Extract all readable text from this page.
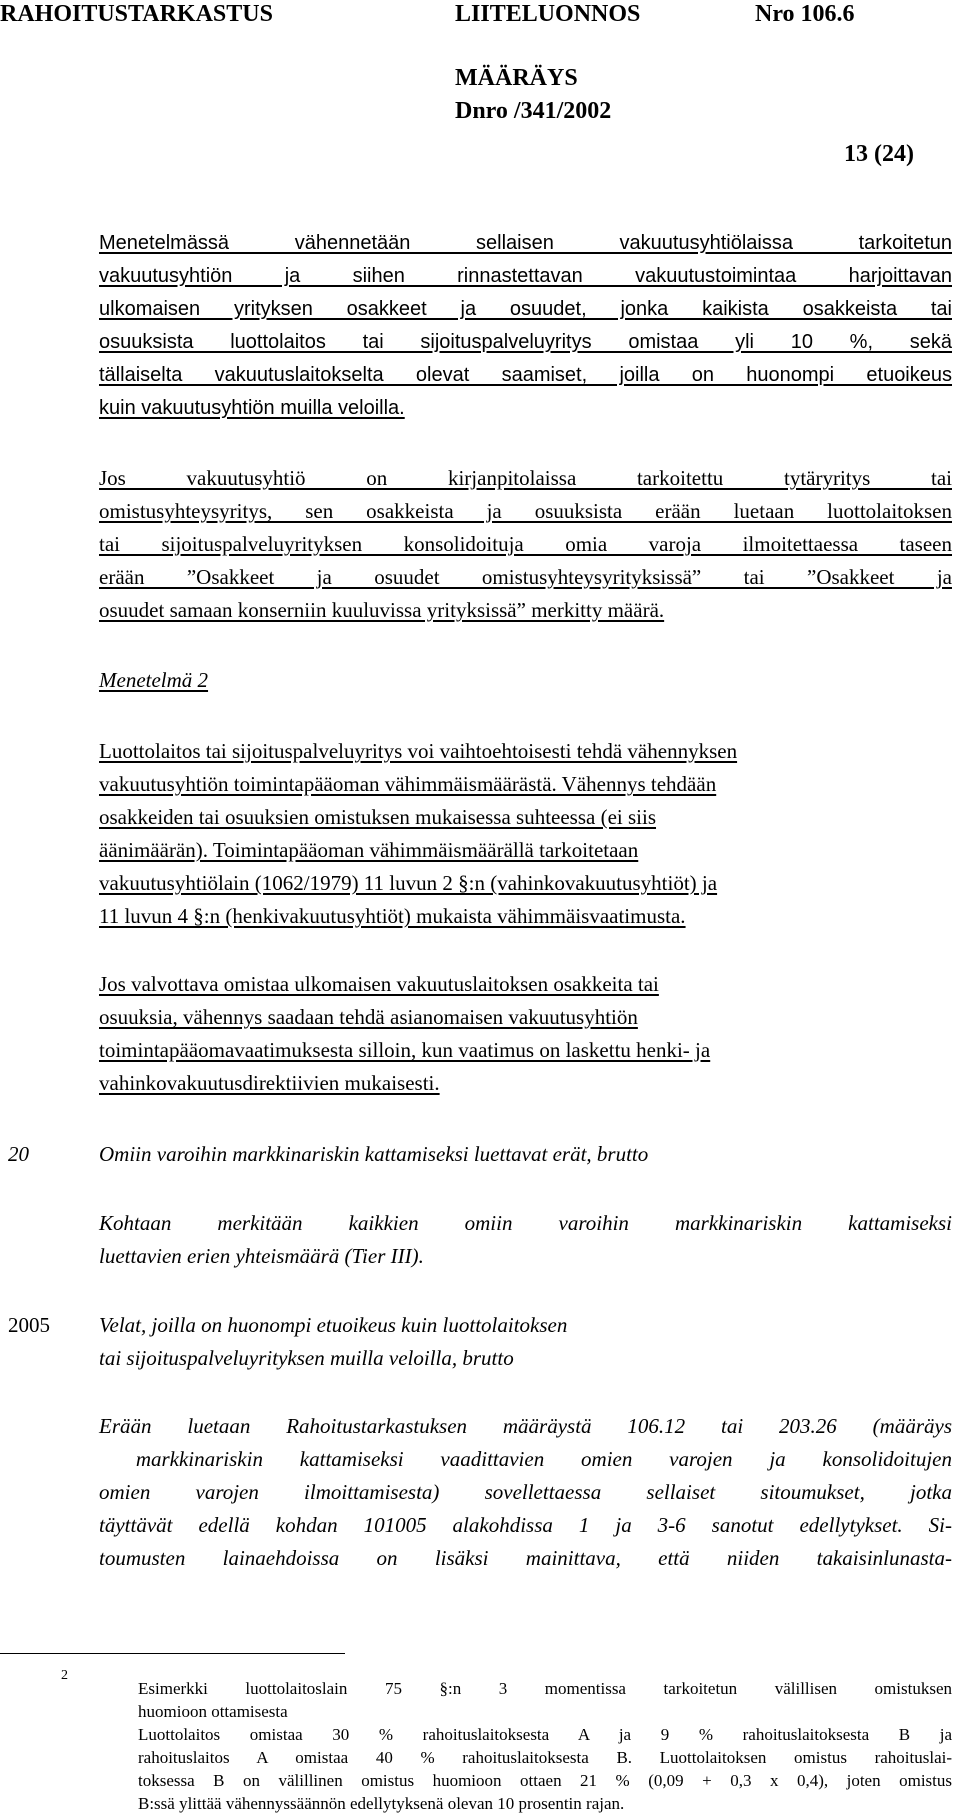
RAHOITUSTARKASTUS	LIITELUONNOS	Nro 106.6
MÄÄRÄYS
Dnro /341/2002
13 (24)
Menetelmässä vähennetään sellaisen vakuutusyhtiölaissa tarkoitetun
vakuutusyhtiön ja siihen rinnastettavan vakuutustoimintaa harjoittavan
ulkomaisen yrityksen osakkeet ja osuudet, jonka kaikista osakkeista tai
osuuksista luottolaitos tai sijoituspalveluyritys omistaa yli 10 %, sekä
tällaiselta vakuutuslaitokselta olevat saamiset, joilla on huonompi etuoikeus
kuin vakuutusyhtiön muilla veloilla.
Jos vakuutusyhtiö on kirjanpitolaissa tarkoitettu tytäryritys tai
omistusyhteysyritys, sen osakkeista ja osuuksista erään luetaan luottolaitoksen
tai sijoituspalveluyrityksen konsolidoituja omia varoja ilmoitettaessa taseen
erään ”Osakkeet ja osuudet omistusyhteysyrityksissä” tai ”Osakkeet ja
osuudet samaan konserniin kuuluvissa yrityksissä” merkitty määrä.
Menetelmä 2
Luottolaitos tai sijoituspalveluyritys voi vaihtoehtoisesti tehdä vähennyksen
vakuutusyhtiön toimintapääoman vähimmäismäärästä. Vähennys tehdään
osakkeiden tai osuuksien omistuksen mukaisessa suhteessa (ei siis
äänimäärän). Toimintapääoman vähimmäismäärällä tarkoitetaan
vakuutusyhtiölain (1062/1979) 11 luvun 2 §:n (vahinkovakuutusyhtiöt) ja
11 luvun 4 §:n (henkivakuutusyhtiöt) mukaista vähimmäisvaatimusta.
Jos valvottava omistaa ulkomaisen vakuutuslaitoksen osakkeita tai
osuuksia, vähennys saadaan tehdä asianomaisen vakuutusyhtiön
toimintapääomavaatimuksesta silloin, kun vaatimus on laskettu henki- ja
vahinkovakuutusdirektiivien mukaisesti.
20	Omiin varoihin markkinariskin kattamiseksi luettavat erät, brutto
Kohtaan merkitään kaikkien omiin varoihin markkinariskin kattamiseksi
luettavien erien yhteismäärä (Tier III).
2005 Velat, joilla on huonompi etuoikeus kuin luottolaitoksen
tai sijoituspalveluyrityksen muilla veloilla, brutto
Erään luetaan Rahoitustarkastuksen määräystä 106.12 tai 203.26 (määräys
markkinariskin kattamiseksi vaadittavien omien varojen ja konsolidoitujen
omien varojen ilmoittamisesta) sovellettaessa sellaiset sitoumukset, jotka
täyttävät edellä kohdan 101005 alakohdissa 1 ja 3-6 sanotut edellytykset. Si-
toumusten lainaehdoissa on lisäksi mainittava, että niiden takaisinlunasta-
2
Esimerkki luottolaitoslain 75 §:n 3 momentissa tarkoitetun välillisen omistuksen
huomioon ottamisesta
Luottolaitos omistaa 30 % rahoituslaitoksesta A ja 9 % rahoituslaitoksesta B ja
rahoituslaitos A omistaa 40 % rahoituslaitoksesta B. Luottolaitoksen omistus rahoituslai-
toksessa B on välillinen omistus huomioon ottaen 21 % (0,09 + 0,3 x 0,4), joten omistus
B:ssä ylittää vähennyssäännön edellytyksenä olevan 10 prosentin rajan.
